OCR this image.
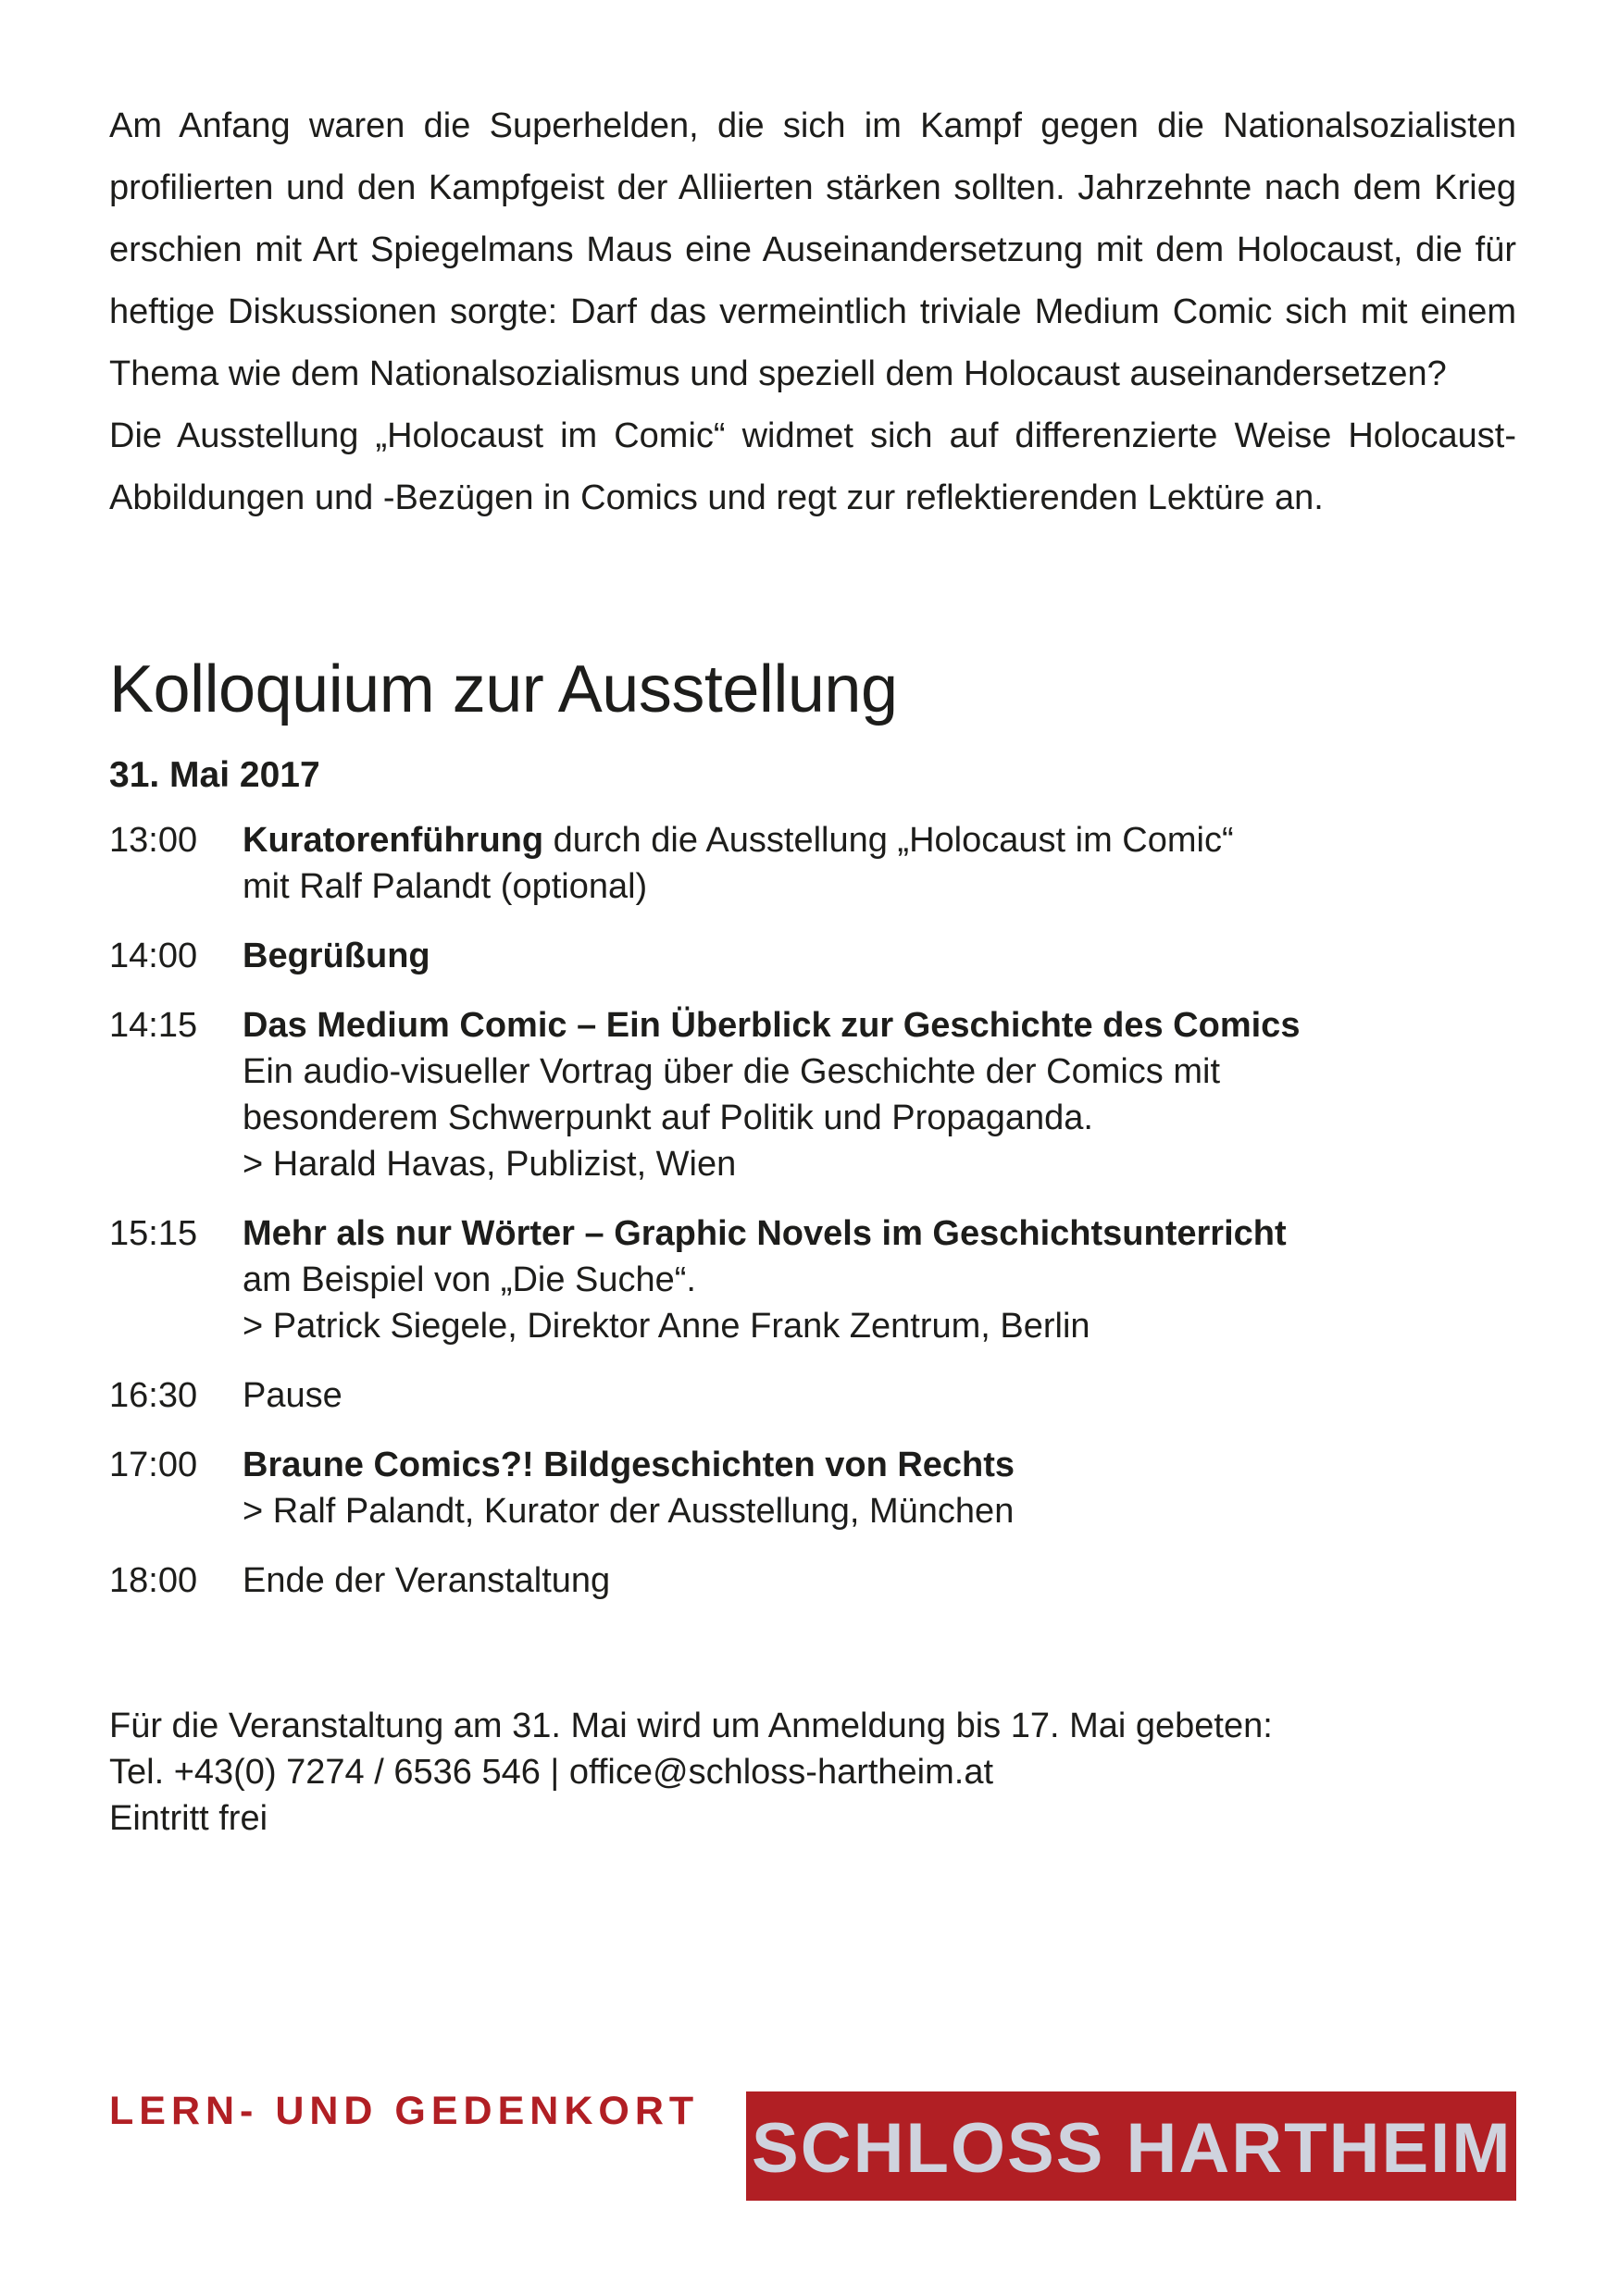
Am Anfang waren die Superhelden, die sich im Kampf gegen die Nationalsozialisten profilierten und den Kampfgeist der Alliierten stärken sollten. Jahrzehnte nach dem Krieg erschien mit Art Spiegelmans Maus eine Auseinandersetzung mit dem Holocaust, die für heftige Diskussionen sorgte: Darf das vermeintlich triviale Medium Comic sich mit einem Thema wie dem Nationalsozialismus und speziell dem Holocaust auseinandersetzen?

Die Ausstellung „Holocaust im Comic“ widmet sich auf differenzierte Weise Holocaust-Abbildungen und -Bezügen in Comics und regt zur reflektierenden Lektüre an.

Kolloquium zur Ausstellung
31. Mai 2017
13:00	Kuratorenführung durch die Ausstellung „Holocaust im Comic“
mit Ralf Palandt (optional)
14:00	Begrüßung
14:15	Das Medium Comic – Ein Überblick zur Geschichte des Comics
Ein audio-visueller Vortrag über die Geschichte der Comics mit
besonderem Schwerpunkt auf Politik und Propaganda.
> Harald Havas, Publizist, Wien
15:15	Mehr als nur Wörter – Graphic Novels im Geschichtsunterricht
am Beispiel von „Die Suche“.
> Patrick Siegele, Direktor Anne Frank Zentrum, Berlin
16:30	Pause
17:00	Braune Comics?! Bildgeschichten von Rechts
> Ralf Palandt, Kurator der Ausstellung, München
18:00	Ende der Veranstaltung
Für die Veranstaltung am 31. Mai wird um Anmeldung bis 17. Mai gebeten:
Tel. +43(0) 7274 / 6536 546 | office@schloss-hartheim.at
Eintritt frei
LERN- UND GEDENKORT SCHLOSS HARTHEIM
